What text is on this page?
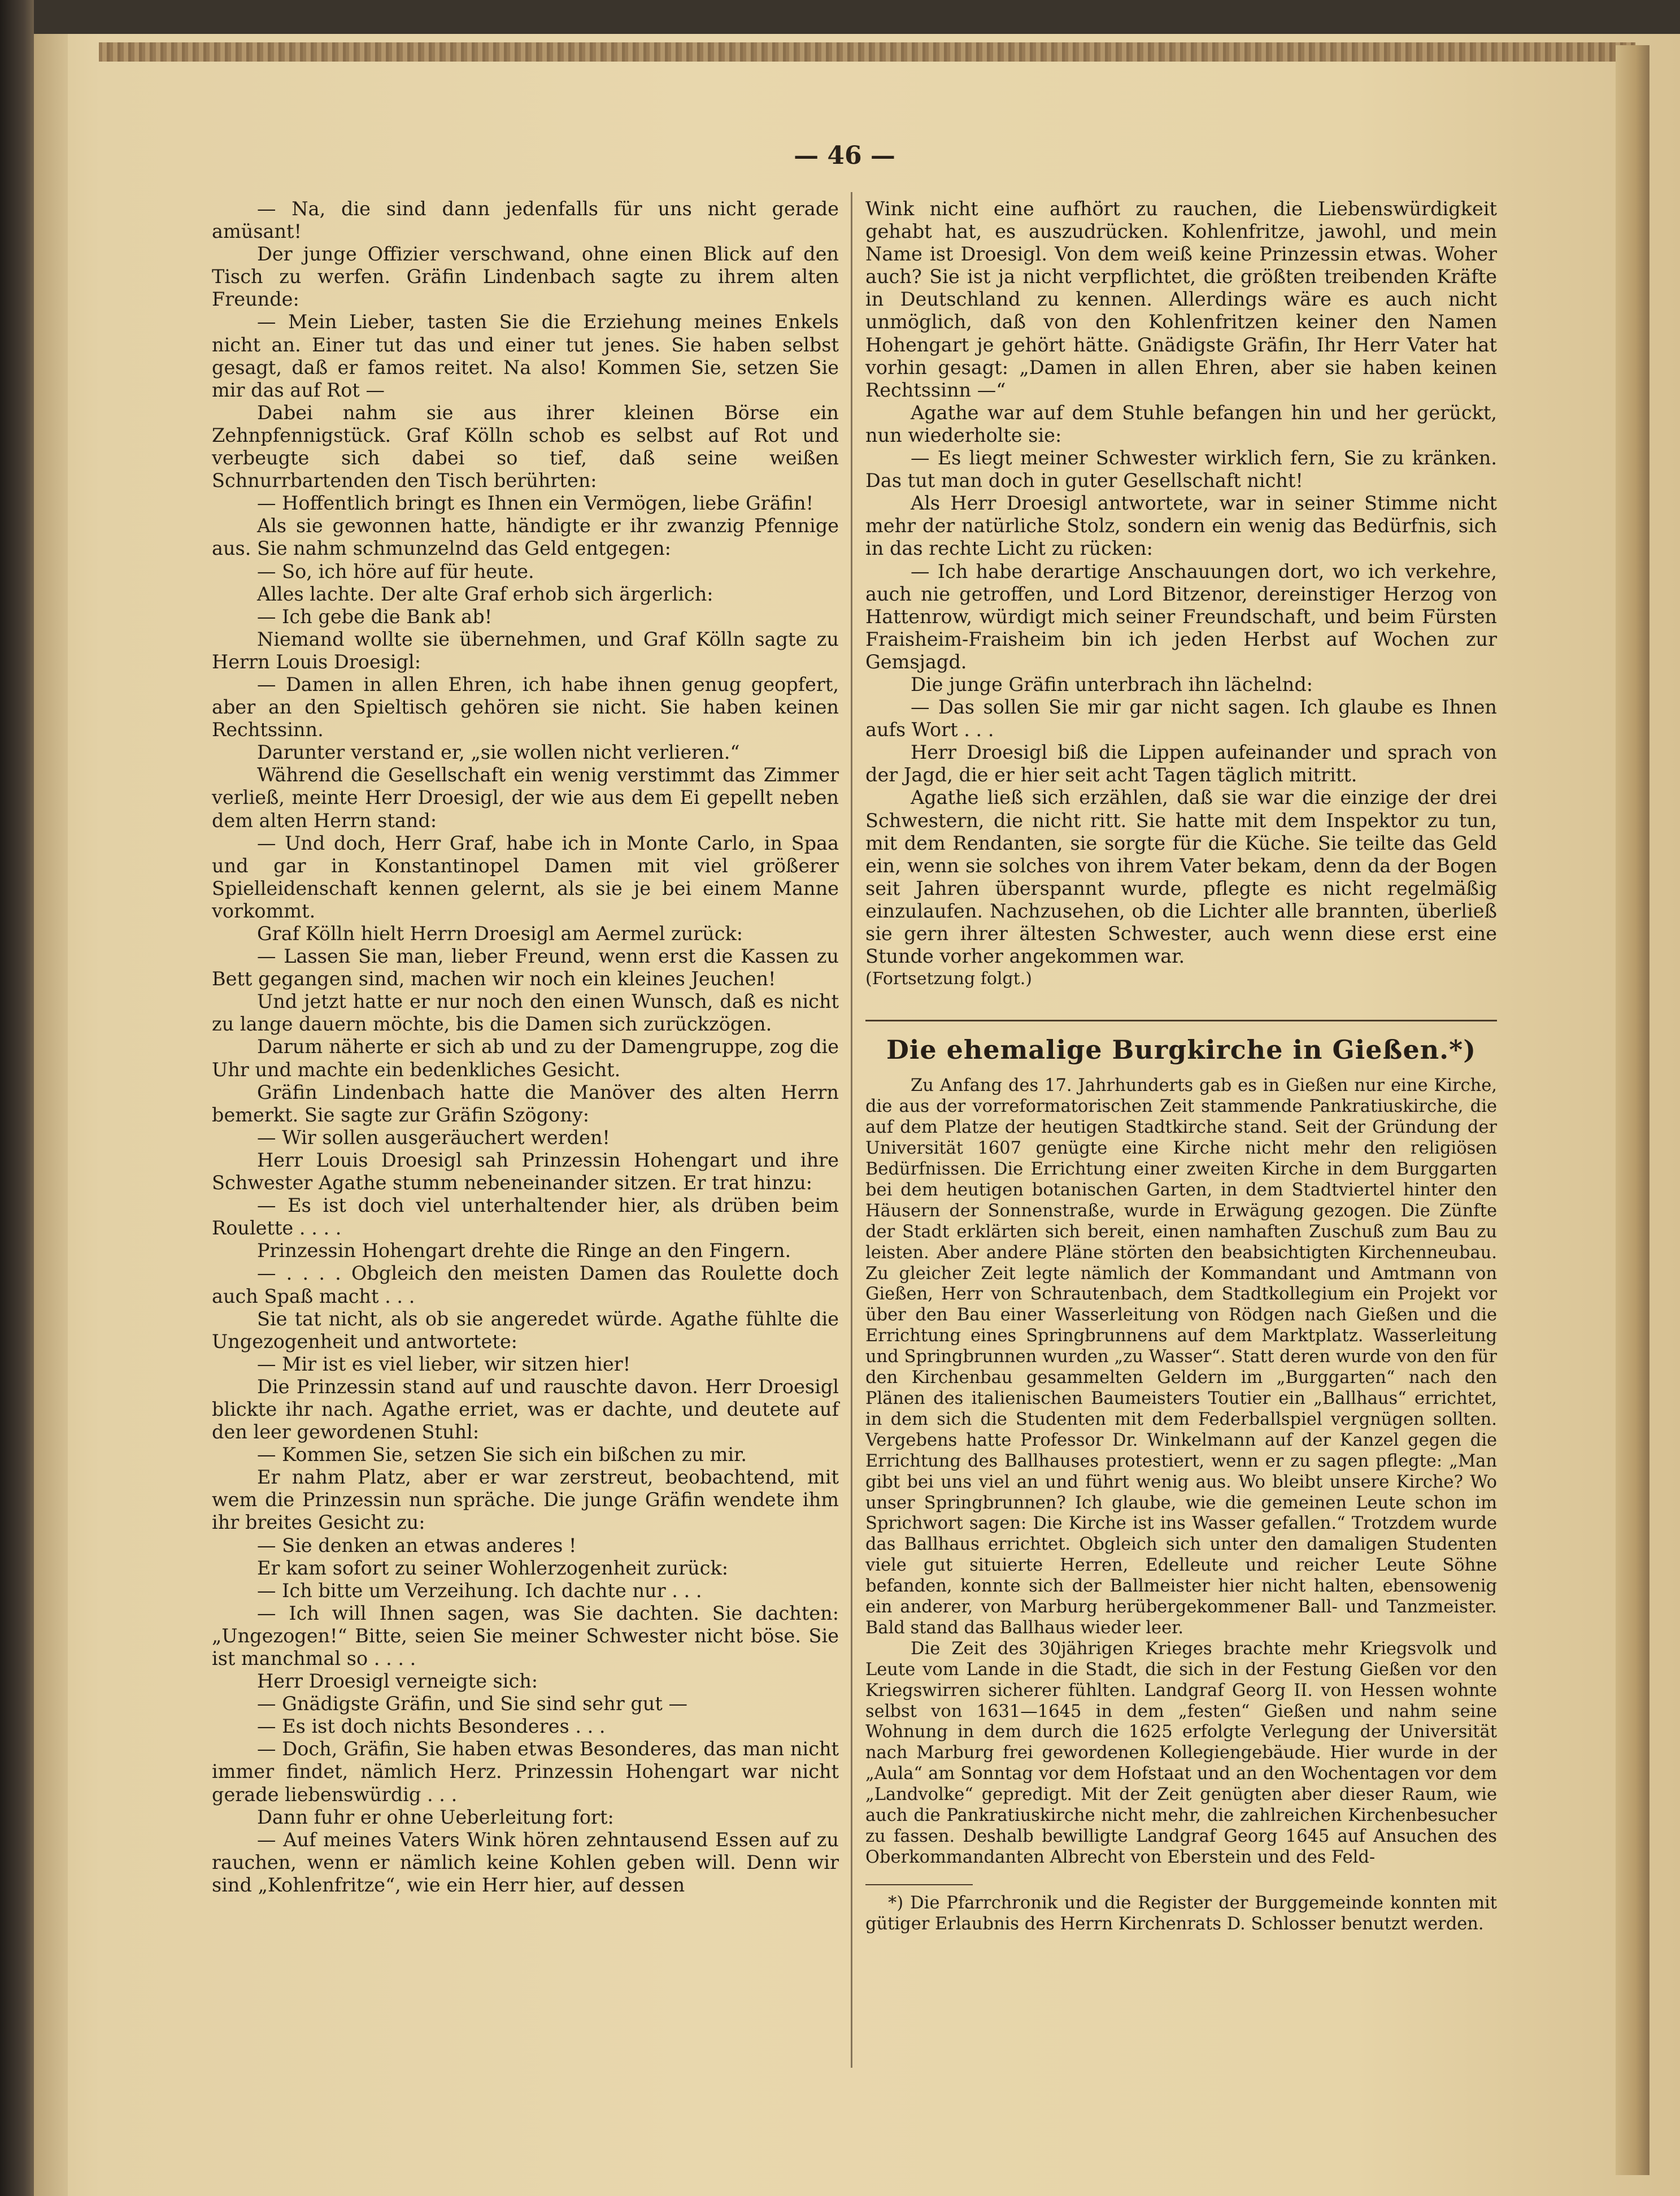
— 46 —

— Na, die sind dann jedenfalls für uns nicht gerade amüsant!

Der junge Offizier verschwand, ohne einen Blick auf den Tisch zu werfen. Gräfin Lindenbach sagte zu ihrem alten Freunde:

— Mein Lieber, tasten Sie die Erziehung meines Enkels nicht an. Einer tut das und einer tut jenes. Sie haben selbst gesagt, daß er famos reitet. Na also! Kommen Sie, setzen Sie mir das auf Rot —

Dabei nahm sie aus ihrer kleinen Börse ein Zehnpfennigstück. Graf Kölln schob es selbst auf Rot und verbeugte sich dabei so tief, daß seine weißen Schnurrbartenden den Tisch berührten:

— Hoffentlich bringt es Ihnen ein Vermögen, liebe Gräfin!

Als sie gewonnen hatte, händigte er ihr zwanzig Pfennige aus. Sie nahm schmunzelnd das Geld entgegen:

— So, ich höre auf für heute.

Alles lachte. Der alte Graf erhob sich ärgerlich:

— Ich gebe die Bank ab!

Niemand wollte sie übernehmen, und Graf Kölln sagte zu Herrn Louis Droesigl:

— Damen in allen Ehren, ich habe ihnen genug geopfert, aber an den Spieltisch gehören sie nicht. Sie haben keinen Rechtssinn.

Darunter verstand er, „sie wollen nicht verlieren.“

Während die Gesellschaft ein wenig verstimmt das Zimmer verließ, meinte Herr Droesigl, der wie aus dem Ei gepellt neben dem alten Herrn stand:

— Und doch, Herr Graf, habe ich in Monte Carlo, in Spaa und gar in Konstantinopel Damen mit viel größerer Spielleidenschaft kennen gelernt, als sie je bei einem Manne vorkommt.

Graf Kölln hielt Herrn Droesigl am Aermel zurück:

— Lassen Sie man, lieber Freund, wenn erst die Kassen zu Bett gegangen sind, machen wir noch ein kleines Jeuchen!

Und jetzt hatte er nur noch den einen Wunsch, daß es nicht zu lange dauern möchte, bis die Damen sich zurückzögen.

Darum näherte er sich ab und zu der Damengruppe, zog die Uhr und machte ein bedenkliches Gesicht.

Gräfin Lindenbach hatte die Manöver des alten Herrn bemerkt. Sie sagte zur Gräfin Szögony:

— Wir sollen ausgeräuchert werden!

Herr Louis Droesigl sah Prinzessin Hohengart und ihre Schwester Agathe stumm nebeneinander sitzen. Er trat hinzu:

— Es ist doch viel unterhaltender hier, als drüben beim Roulette . . . .

Prinzessin Hohengart drehte die Ringe an den Fingern.

— . . . . Obgleich den meisten Damen das Roulette doch auch Spaß macht . . .

Sie tat nicht, als ob sie angeredet würde. Agathe fühlte die Ungezogenheit und antwortete:

— Mir ist es viel lieber, wir sitzen hier!

Die Prinzessin stand auf und rauschte davon. Herr Droesigl blickte ihr nach. Agathe erriet, was er dachte, und deutete auf den leer gewordenen Stuhl:

— Kommen Sie, setzen Sie sich ein bißchen zu mir.

Er nahm Platz, aber er war zerstreut, beobachtend, mit wem die Prinzessin nun spräche. Die junge Gräfin wendete ihm ihr breites Gesicht zu:

— Sie denken an etwas anderes !

Er kam sofort zu seiner Wohlerzogenheit zurück:

— Ich bitte um Verzeihung. Ich dachte nur . . .

— Ich will Ihnen sagen, was Sie dachten. Sie dachten: „Ungezogen!“ Bitte, seien Sie meiner Schwester nicht böse. Sie ist manchmal so . . . .

Herr Droesigl verneigte sich:

— Gnädigste Gräfin, und Sie sind sehr gut —

— Es ist doch nichts Besonderes . . .

— Doch, Gräfin, Sie haben etwas Besonderes, das man nicht immer findet, nämlich Herz. Prinzessin Hohengart war nicht gerade liebenswürdig . . .

Dann fuhr er ohne Ueberleitung fort:

— Auf meines Vaters Wink hören zehntausend Essen auf zu rauchen, wenn er nämlich keine Kohlen geben will. Denn wir sind „Kohlenfritze“, wie ein Herr hier, auf dessen

Wink nicht eine aufhört zu rauchen, die Liebenswürdigkeit gehabt hat, es auszudrücken. Kohlenfritze, jawohl, und mein Name ist Droesigl. Von dem weiß keine Prinzessin etwas. Woher auch? Sie ist ja nicht verpflichtet, die größten treibenden Kräfte in Deutschland zu kennen. Allerdings wäre es auch nicht unmöglich, daß von den Kohlenfritzen keiner den Namen Hohengart je gehört hätte. Gnädigste Gräfin, Ihr Herr Vater hat vorhin gesagt: „Damen in allen Ehren, aber sie haben keinen Rechtssinn —“

Agathe war auf dem Stuhle befangen hin und her gerückt, nun wiederholte sie:

— Es liegt meiner Schwester wirklich fern, Sie zu kränken. Das tut man doch in guter Gesellschaft nicht!

Als Herr Droesigl antwortete, war in seiner Stimme nicht mehr der natürliche Stolz, sondern ein wenig das Bedürfnis, sich in das rechte Licht zu rücken:

— Ich habe derartige Anschauungen dort, wo ich verkehre, auch nie getroffen, und Lord Bitzenor, dereinstiger Herzog von Hattenrow, würdigt mich seiner Freundschaft, und beim Fürsten Fraisheim-Fraisheim bin ich jeden Herbst auf Wochen zur Gemsjagd.

Die junge Gräfin unterbrach ihn lächelnd:

— Das sollen Sie mir gar nicht sagen. Ich glaube es Ihnen aufs Wort . . .

Herr Droesigl biß die Lippen aufeinander und sprach von der Jagd, die er hier seit acht Tagen täglich mitritt.

Agathe ließ sich erzählen, daß sie war die einzige der drei Schwestern, die nicht ritt. Sie hatte mit dem Inspektor zu tun, mit dem Rendanten, sie sorgte für die Küche. Sie teilte das Geld ein, wenn sie solches von ihrem Vater bekam, denn da der Bogen seit Jahren überspannt wurde, pflegte es nicht regelmäßig einzulaufen. Nachzusehen, ob die Lichter alle brannten, überließ sie gern ihrer ältesten Schwester, auch wenn diese erst eine Stunde vorher angekommen war.

(Fortsetzung folgt.)

Die ehemalige Burgkirche in Gießen.*)

Zu Anfang des 17. Jahrhunderts gab es in Gießen nur eine Kirche, die aus der vorreformatorischen Zeit stammende Pankratiuskirche, die auf dem Platze der heutigen Stadtkirche stand. Seit der Gründung der Universität 1607 genügte eine Kirche nicht mehr den religiösen Bedürfnissen. Die Errichtung einer zweiten Kirche in dem Burggarten bei dem heutigen botanischen Garten, in dem Stadtviertel hinter den Häusern der Sonnenstraße, wurde in Erwägung gezogen. Die Zünfte der Stadt erklärten sich bereit, einen namhaften Zuschuß zum Bau zu leisten. Aber andere Pläne störten den beabsichtigten Kirchenneubau. Zu gleicher Zeit legte nämlich der Kommandant und Amtmann von Gießen, Herr von Schrautenbach, dem Stadtkollegium ein Projekt vor über den Bau einer Wasserleitung von Rödgen nach Gießen und die Errichtung eines Springbrunnens auf dem Marktplatz. Wasserleitung und Springbrunnen wurden „zu Wasser“. Statt deren wurde von den für den Kirchenbau gesammelten Geldern im „Burggarten“ nach den Plänen des italienischen Baumeisters Toutier ein „Ballhaus“ errichtet, in dem sich die Studenten mit dem Federballspiel vergnügen sollten. Vergebens hatte Professor Dr. Winkelmann auf der Kanzel gegen die Errichtung des Ballhauses protestiert, wenn er zu sagen pflegte: „Man gibt bei uns viel an und führt wenig aus. Wo bleibt unsere Kirche? Wo unser Springbrunnen? Ich glaube, wie die gemeinen Leute schon im Sprichwort sagen: Die Kirche ist ins Wasser gefallen.“ Trotzdem wurde das Ballhaus errichtet. Obgleich sich unter den damaligen Studenten viele gut situierte Herren, Edelleute und reicher Leute Söhne befanden, konnte sich der Ballmeister hier nicht halten, ebensowenig ein anderer, von Marburg herübergekommener Ball- und Tanzmeister. Bald stand das Ballhaus wieder leer.

Die Zeit des 30jährigen Krieges brachte mehr Kriegsvolk und Leute vom Lande in die Stadt, die sich in der Festung Gießen vor den Kriegswirren sicherer fühlten. Landgraf Georg II. von Hessen wohnte selbst von 1631—1645 in dem „festen“ Gießen und nahm seine Wohnung in dem durch die 1625 erfolgte Verlegung der Universität nach Marburg frei gewordenen Kollegiengebäude. Hier wurde in der „Aula“ am Sonntag vor dem Hofstaat und an den Wochentagen vor dem „Landvolke“ gepredigt. Mit der Zeit genügten aber dieser Raum, wie auch die Pankratiuskirche nicht mehr, die zahlreichen Kirchenbesucher zu fassen. Deshalb bewilligte Landgraf Georg 1645 auf Ansuchen des Oberkommandanten Albrecht von Eberstein und des Feld-

*) Die Pfarrchronik und die Register der Burggemeinde konnten mit gütiger Erlaubnis des Herrn Kirchenrats D. Schlosser benutzt werden.
